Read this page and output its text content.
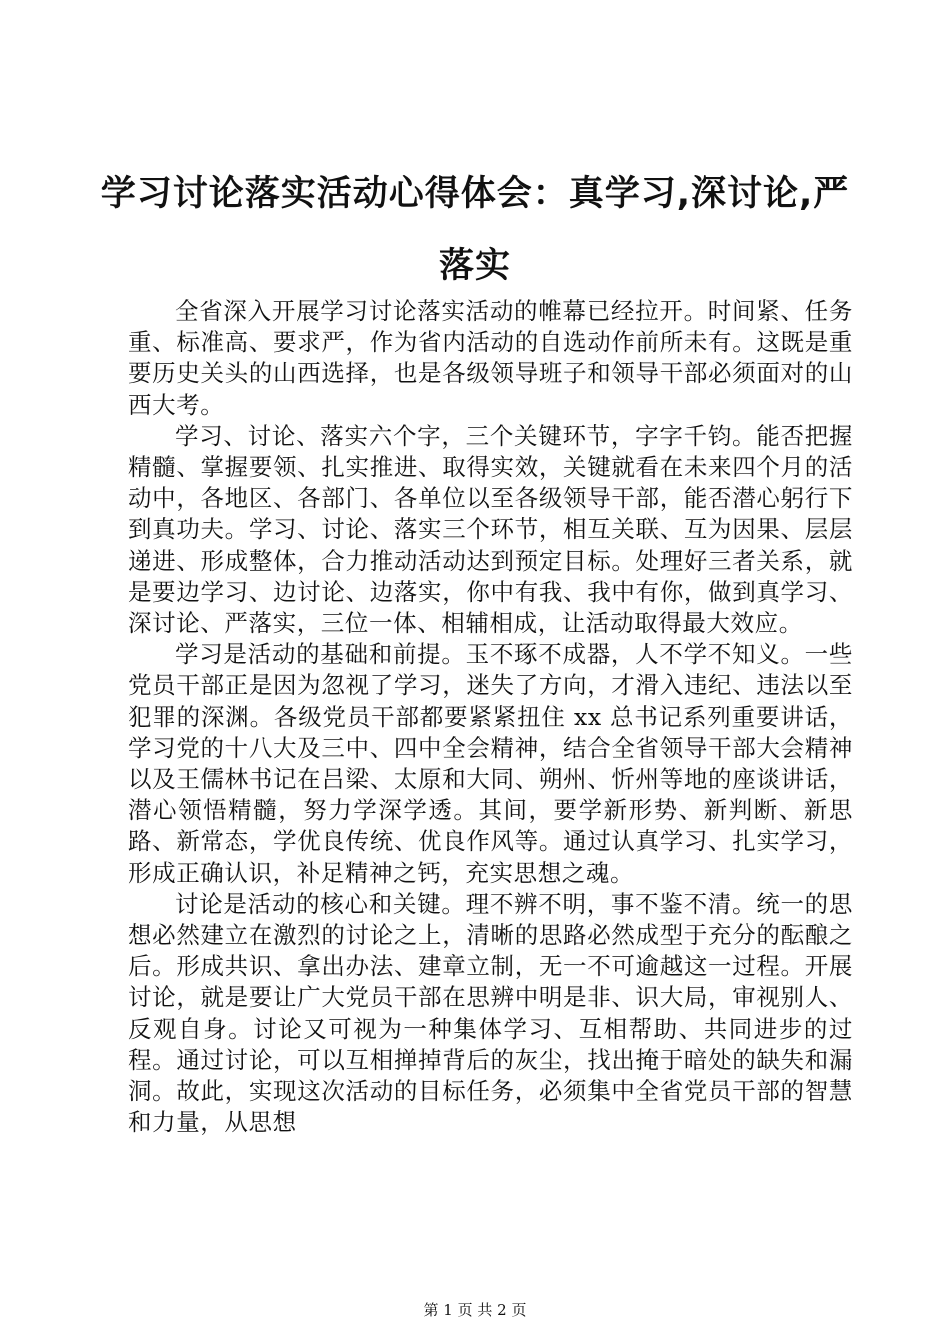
学习讨论落实活动心得体会：真学习,深讨论,严落实

全省深入开展学习讨论落实活动的帷幕已经拉开。时间紧、任务重、标准高、要求严，作为省内活动的自选动作前所未有。这既是重要历史关头的山西选择，也是各级领导班子和领导干部必须面对的山西大考。

学习、讨论、落实六个字，三个关键环节，字字千钧。能否把握精髓、掌握要领、扎实推进、取得实效，关键就看在未来四个月的活动中，各地区、各部门、各单位以至各级领导干部，能否潜心躬行下到真功夫。学习、讨论、落实三个环节，相互关联、互为因果、层层递进、形成整体，合力推动活动达到预定目标。处理好三者关系，就是要边学习、边讨论、边落实，你中有我、我中有你，做到真学习、深讨论、严落实，三位一体、相辅相成，让活动取得最大效应。

学习是活动的基础和前提。玉不琢不成器，人不学不知义。一些党员干部正是因为忽视了学习，迷失了方向，才滑入违纪、违法以至犯罪的深渊。各级党员干部都要紧紧扭住 xx 总书记系列重要讲话，学习党的十八大及三中、四中全会精神，结合全省领导干部大会精神以及王儒林书记在吕梁、太原和大同、朔州、忻州等地的座谈讲话，潜心领悟精髓，努力学深学透。其间，要学新形势、新判断、新思路、新常态，学优良传统、优良作风等。通过认真学习、扎实学习，形成正确认识，补足精神之钙，充实思想之魂。

讨论是活动的核心和关键。理不辨不明，事不鉴不清。统一的思想必然建立在激烈的讨论之上，清晰的思路必然成型于充分的酝酿之后。形成共识、拿出办法、建章立制，无一不可逾越这一过程。开展讨论，就是要让广大党员干部在思辨中明是非、识大局，审视别人、反观自身。讨论又可视为一种集体学习、互相帮助、共同进步的过程。通过讨论，可以互相掸掉背后的灰尘，找出掩于暗处的缺失和漏洞。故此，实现这次活动的目标任务，必须集中全省党员干部的智慧和力量，从思想

第 1 页 共 2 页
